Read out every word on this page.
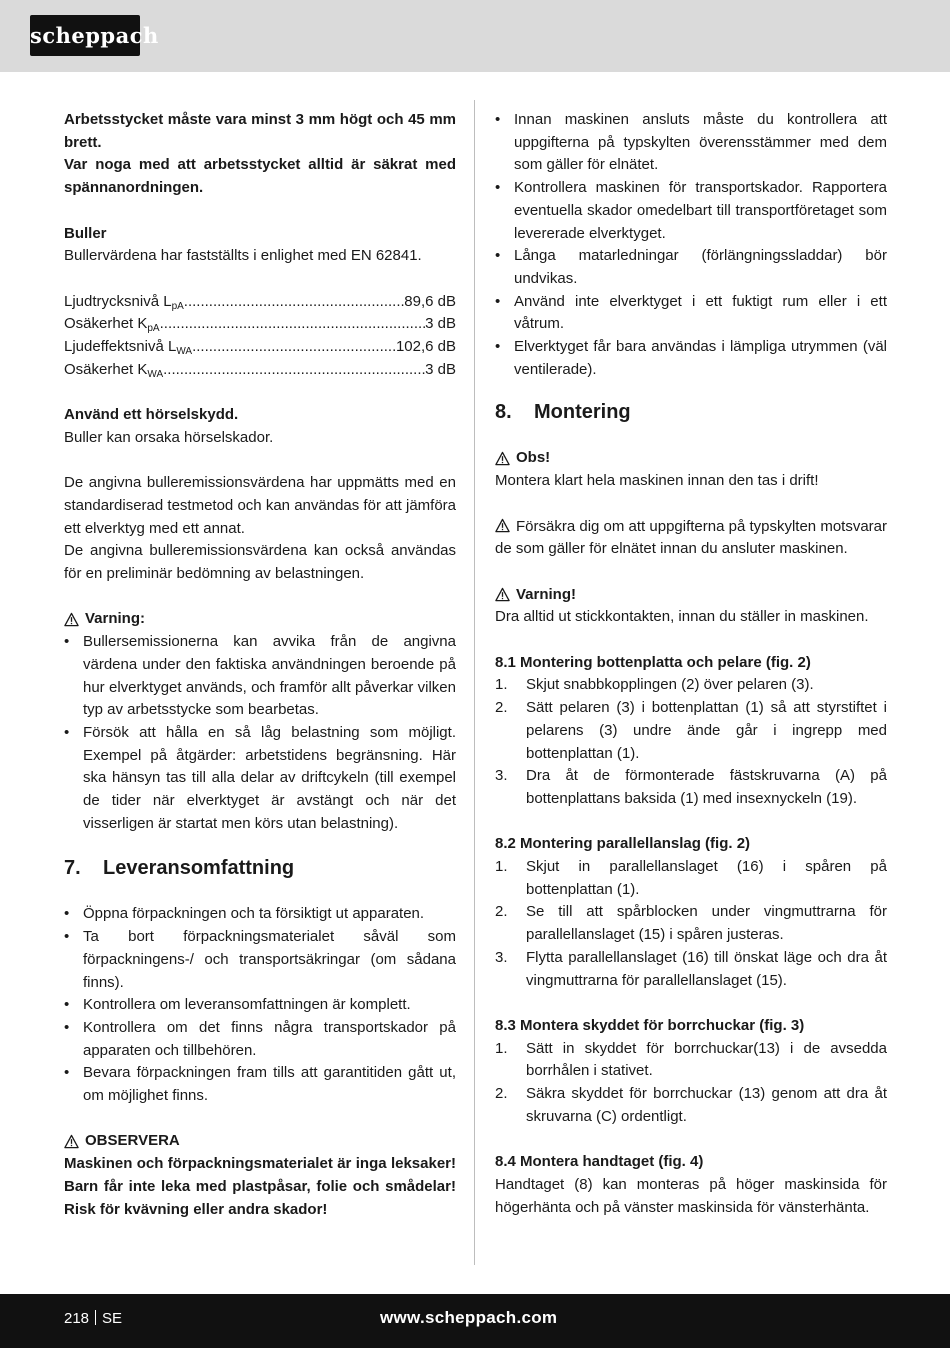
scheppach

Arbetsstycket måste vara minst 3 mm högt och 45 mm brett.

Var noga med att arbetsstycket alltid är säkrat med spännanordningen.

Buller

Bullervärdena har fastställts i enlighet med EN 62841.

Ljudtrycksnivå $L_{pA}$ .....	89,6 dB
Osäkerhet $K_{pA}$ .....	3 dB
Ljudeffektsnivå $L_{WA}$ .....	102,6 dB
Osäkerhet $K_{WA}$ .....	3 dB
Använd ett hörselskydd.

Buller kan orsaka hörselskador.

De angivna bulleremissionsvärdena har uppmätts med en standardiserad testmetod och kan användas för att jämföra ett elverktyg med ett annat.

De angivna bulleremissionsvärdena kan också användas för en preliminär bedömning av belastningen.

Varning:
• Bullersemissionerna kan avvika från de angivna värdena under den faktiska användningen beroende på hur elverktyget används, och framför allt påverkar vilken typ av arbetsstycke som bearbetas.
• Försök att hålla en så låg belastning som möjligt. Exempel på åtgärder: arbetstidens begränsning. Här ska hänsyn tas till alla delar av driftcykeln (till exempel de tider när elverktyget är avstängt och när det visserligen är startat men körs utan belastning).
7.	Leveransomfattning
• Öppna förpackningen och ta försiktigt ut apparaten.
• Ta bort förpackningsmaterialet såväl som förpackningens-/ och transportsäkringar (om sådana finns).
• Kontrollera om leveransomfattningen är komplett.
• Kontrollera om det finns några transportskador på apparaten och tillbehören.
• Bevara förpackningen fram tills att garantitiden gått ut, om möjlighet finns.
OBSERVERA

Maskinen och förpackningsmaterialet är inga leksaker! Barn får inte leka med plastpåsar, folie och smådelar! Risk för kvävning eller andra skador!

• Innan maskinen ansluts måste du kontrollera att uppgifterna på typskylten överensstämmer med dem som gäller för elnätet.
• Kontrollera maskinen för transportskador. Rapportera eventuella skador omedelbart till transportföretaget som levererade elverktyget.
• Långa matarledningar (förlängningssladdar) bör undvikas.
• Använd inte elverktyget i ett fuktigt rum eller i ett våtrum.
• Elverktyget får bara användas i lämpliga utrymmen (väl ventilerade).
8.	Montering
Obs!

Montera klart hela maskinen innan den tas i drift!

Försäkra dig om att uppgifterna på typskylten motsvarar de som gäller för elnätet innan du ansluter maskinen.

Varning!

Dra alltid ut stickkontakten, innan du ställer in maskinen.

8.1 Montering bottenplatta och pelare (fig. 2)
1. Skjut snabbkopplingen (2) över pelaren (3).
2. Sätt pelaren (3) i bottenplattan (1) så att styrstiftet i pelarens (3) undre ände går i ingrepp med bottenplattan (1).
3. Dra åt de förmonterade fästskruvarna (A) på bottenplattans baksida (1) med insexnyckeln (19).
8.2 Montering parallellanslag (fig. 2)
1. Skjut in parallellanslaget (16) i spåren på bottenplattan (1).
2. Se till att spårblocken under vingmuttrarna för parallellanslaget (15) i spåren justeras.
3. Flytta parallellanslaget (16) till önskat läge och dra åt vingmuttrarna för parallellanslaget (15).
8.3 Montera skyddet för borrchuckar (fig. 3)
1. Sätt in skyddet för borrchuckar(13) i de avsedda borrhålen i stativet.
2. Säkra skyddet för borrchuckar (13) genom att dra åt skruvarna (C) ordentligt.
8.4 Montera handtaget (fig. 4)

Handtaget (8) kan monteras på höger maskinsida för högerhänta och på vänster maskinsida för vänsterhänta.

218 SE	www.scheppach.com
